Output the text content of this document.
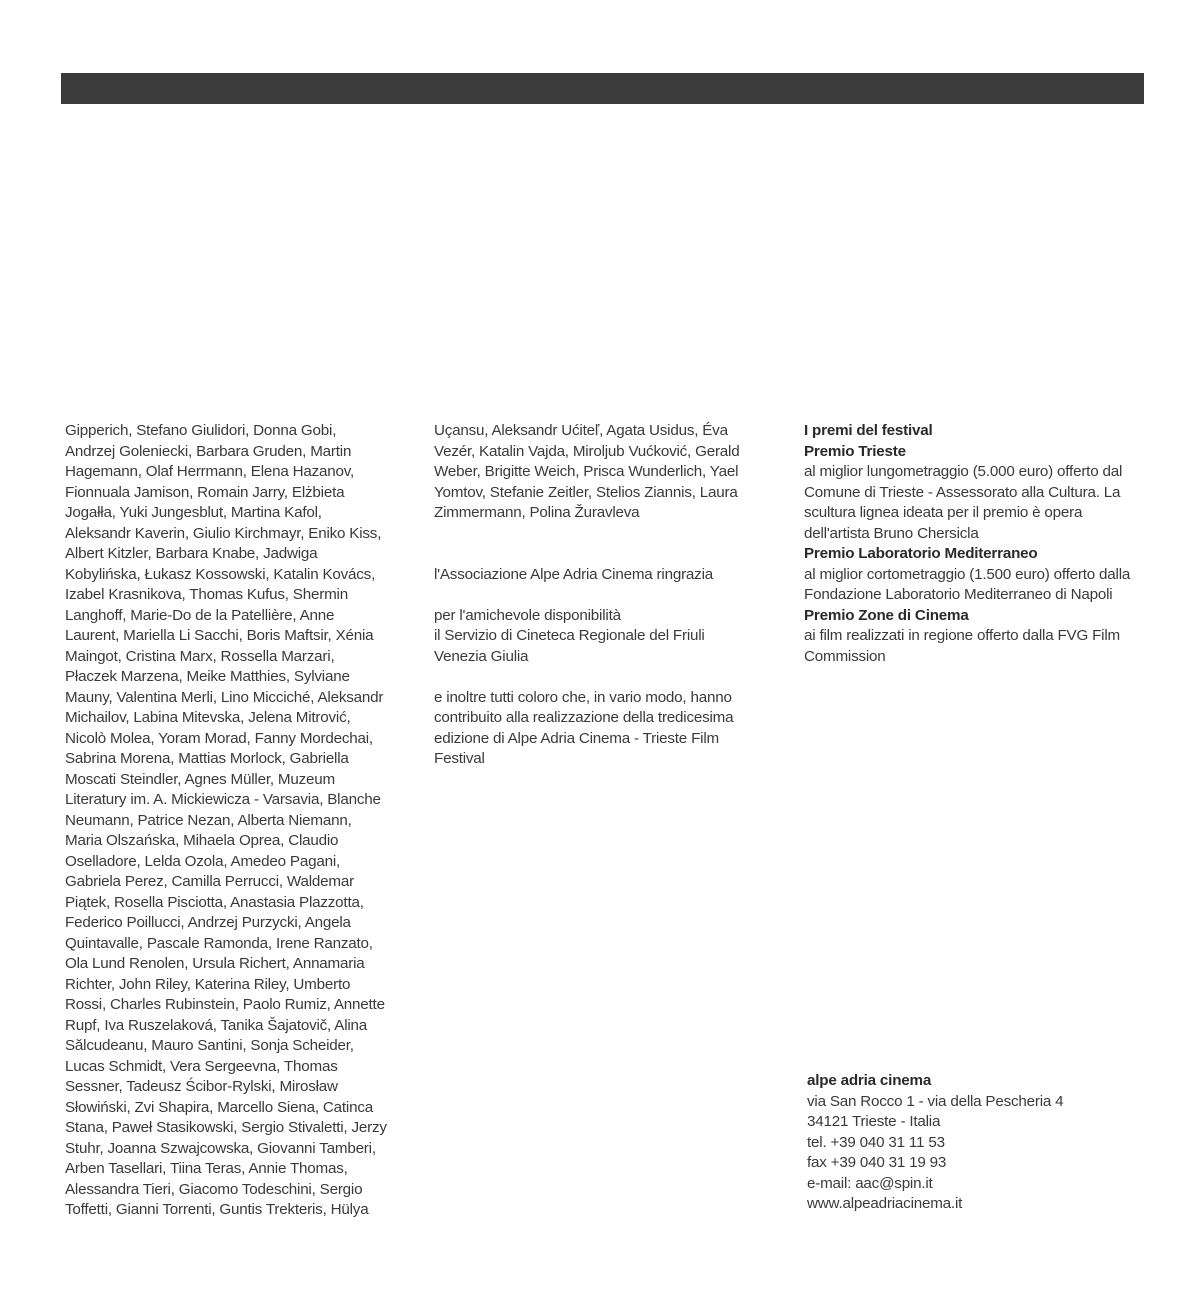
Gipperich, Stefano Giulidori, Donna Gobi,
Andrzej Goleniecki, Barbara Gruden, Martin
Hagemann, Olaf Herrmann, Elena Hazanov,
Fionnuala Jamison, Romain Jarry, Elżbieta
Jogałła, Yuki Jungesblut, Martina Kafol,
Aleksandr Kaverin, Giulio Kirchmayr, Eniko Kiss,
Albert Kitzler, Barbara Knabe, Jadwiga
Kobylińska, Łukasz Kossowski, Katalin Kovács,
Izabel Krasnikova, Thomas Kufus, Shermin
Langhoff, Marie-Do de la Patellière, Anne
Laurent, Mariella Li Sacchi, Boris Maftsir, Xénia
Maingot, Cristina Marx, Rossella Marzari,
Płaczek Marzena, Meike Matthies, Sylviane
Mauny, Valentina Merli, Lino Micciché, Aleksandr
Michailov, Labina Mitevska, Jelena Mitrović,
Nicolò Molea, Yoram Morad, Fanny Mordechai,
Sabrina Morena, Mattias Morlock, Gabriella
Moscati Steindler, Agnes Müller, Muzeum
Literatury im. A. Mickiewicza - Varsavia, Blanche
Neumann, Patrice Nezan, Alberta Niemann,
Maria Olszańska, Mihaela Oprea, Claudio
Oselladore, Lelda Ozola, Amedeo Pagani,
Gabriela Perez, Camilla Perrucci, Waldemar
Piątek, Rosella Pisciotta, Anastasia Plazzotta,
Federico Poillucci, Andrzej Purzycki, Angela
Quintavalle, Pascale Ramonda, Irene Ranzato,
Ola Lund Renolen, Ursula Richert, Annamaria
Richter, John Riley, Katerina Riley, Umberto
Rossi, Charles Rubinstein, Paolo Rumiz, Annette
Rupf, Iva Ruszelaková, Tanika Šajatovič, Alina
Sălcudeanu, Mauro Santini, Sonja Scheider,
Lucas Schmidt, Vera Sergeevna, Thomas
Sessner, Tadeusz Ścibor-Rylski, Mirosław
Słowiński, Zvi Shapira, Marcello Siena, Catinca
Stana, Paweł Stasikowski, Sergio Stivaletti, Jerzy
Stuhr, Joanna Szwajcowska, Giovanni Tamberi,
Arben Tasellari, Tiina Teras, Annie Thomas,
Alessandra Tieri, Giacomo Todeschini, Sergio
Toffetti, Gianni Torrenti, Guntis Trekteris, Hülya
Uçansu, Aleksandr Ućiteľ, Agata Usidus, Éva
Vezér, Katalin Vajda, Miroljub Vućković, Gerald
Weber, Brigitte Weich, Prisca Wunderlich, Yael
Yomtov, Stefanie Zeitler, Stelios Ziannis, Laura
Zimmermann, Polina Žuravleva
l'Associazione Alpe Adria Cinema ringrazia
per l'amichevole disponibilità
il Servizio di Cineteca Regionale del Friuli
Venezia Giulia
e inoltre tutti coloro che, in vario modo, hanno
contribuito alla realizzazione della tredicesima
edizione di Alpe Adria Cinema - Trieste Film
Festival
I premi del festival
Premio Trieste
al miglior lungometraggio (5.000 euro) offerto dal
Comune di Trieste - Assessorato alla Cultura. La
scultura lignea ideata per il premio è opera
dell'artista Bruno Chersicla
Premio Laboratorio Mediterraneo
al miglior cortometraggio (1.500 euro) offerto dalla
Fondazione Laboratorio Mediterraneo di Napoli
Premio Zone di Cinema
ai film realizzati in regione offerto dalla FVG Film
Commission
alpe adria cinema
via San Rocco 1 - via della Pescheria 4
34121 Trieste - Italia
tel. +39 040 31 11 53
fax +39 040 31 19 93
e-mail: aac@spin.it
www.alpeadriacinema.it
